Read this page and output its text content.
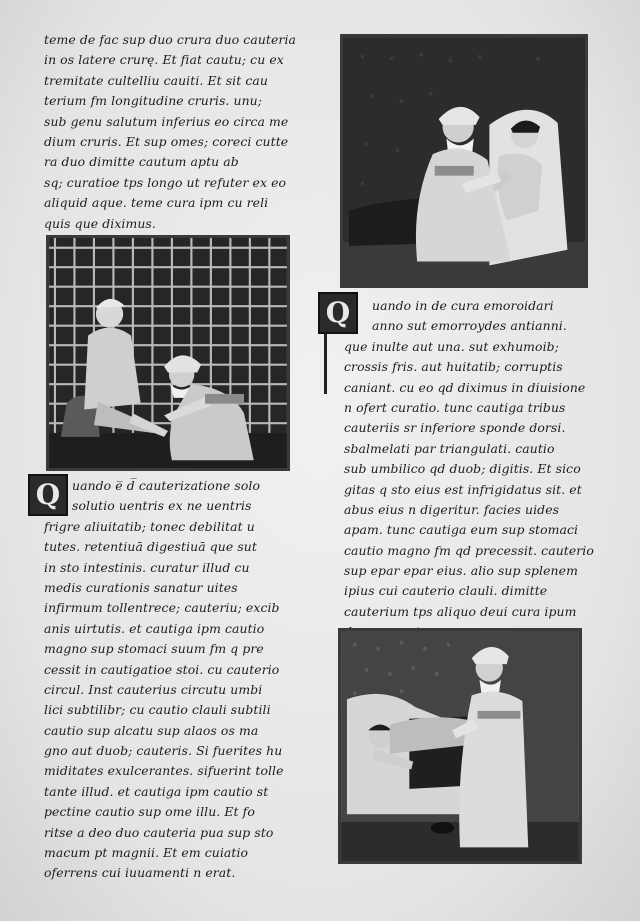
teme de fac sup duo crura duo cauteria
in os latere crurę. Et fiat cautu; cu ex
tremitate cultelliu cauiti. Et sit cau
terium fm longitudine cruris. unu;
sub genu salutum inferius eo circa me
dium cruris. Et sup omes; coreci cutte
ra duo dimitte cautum aptu ab
sq; curatioe tps longo ut refuter ex eo
aliquid aque. teme cura ipm cu reli
quis que diximus.
Q uando e̅ d̅ cauterizatione solo
solutio uentris ex ne uentris
frigre aliuitatib; tonec debilitat u
tutes. retentiuā digestiuā que sut
in sto intestinis. curatur illud cu
medis curationis sanatur uites
infirmum tollentrece; cauteriu; excib
anis uirtutis. et cautiga ipm cautio
magno sup stomaci suum fm q pre
cessit in cautigatioe stoi. cu cauterio
circul. Inst cauterius circutu umbi
lici subtilibr; cu cautio clauli subtili
cautio sup alcatu sup alaos os ma
gno aut duob; cauteris. Si fuerites hu
miditates exulcerantes. sifuerint tolle
tante illud. et cautiga ipm cautio st
pectine cautio sup ome illu. Et fo
ritse a deo duo cauteria pua sup sto
macum pt magnii. Et em cuiatio
oferrens cui iuuamenti n erat.
Q	uando in de cura emoroidari
anno sut emorroydes antianni.
que inulte aut una. sut exhumoib;
crossis fris. aut huitatib; corruptis
caniant. cu eo qd diximus in diuisione
n ofert curatio. tunc cautiga tribus
cauteriis sr inferiore sponde dorsi.
sbalmelati par triangulati. cautio
sub umbilico qd duob; digitis. Et sico
gitas q sto eius est infrigidatus sit. et
abus eius n digeritur. facies uides
apam. tunc cautiga eum sup stomaci
cautio magno fm qd precessit. cauterio
sup epar epar eius. alio sup splenem
ipius cui cauterio clauli. dimitte
cauterium tps aliquo deui cura ipum
